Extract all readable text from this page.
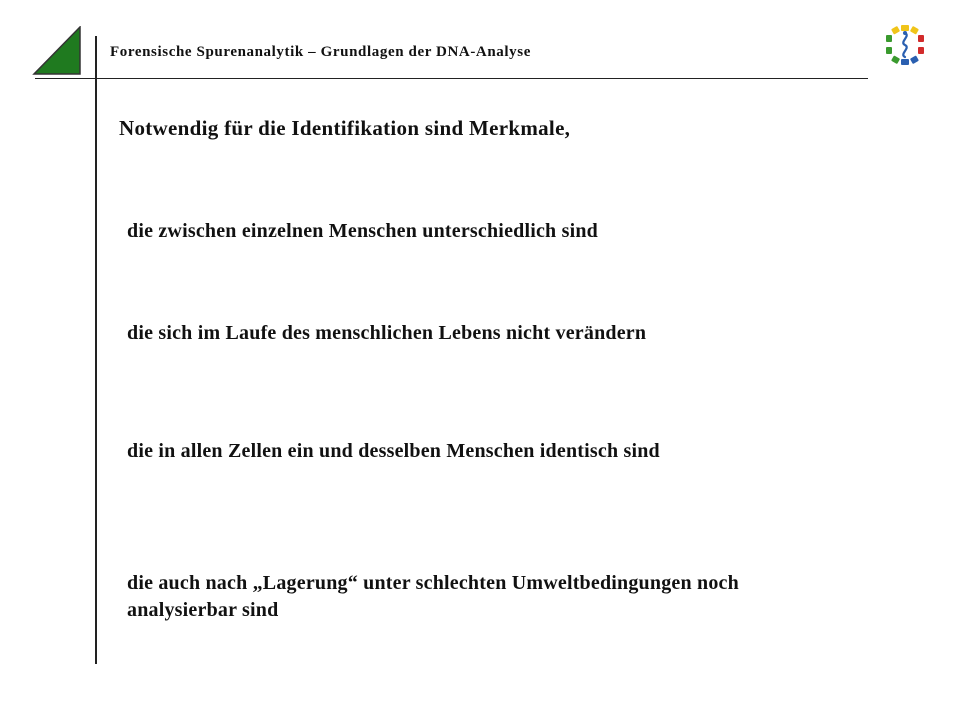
Forensische Spurenanalytik – Grundlagen der DNA-Analyse
Notwendig für die Identifikation sind Merkmale,
die zwischen einzelnen Menschen unterschiedlich sind
die sich im Laufe des menschlichen Lebens nicht verändern
die in allen Zellen ein und desselben Menschen identisch sind
die auch nach „Lagerung“ unter schlechten Umweltbedingungen noch
analysierbar sind
